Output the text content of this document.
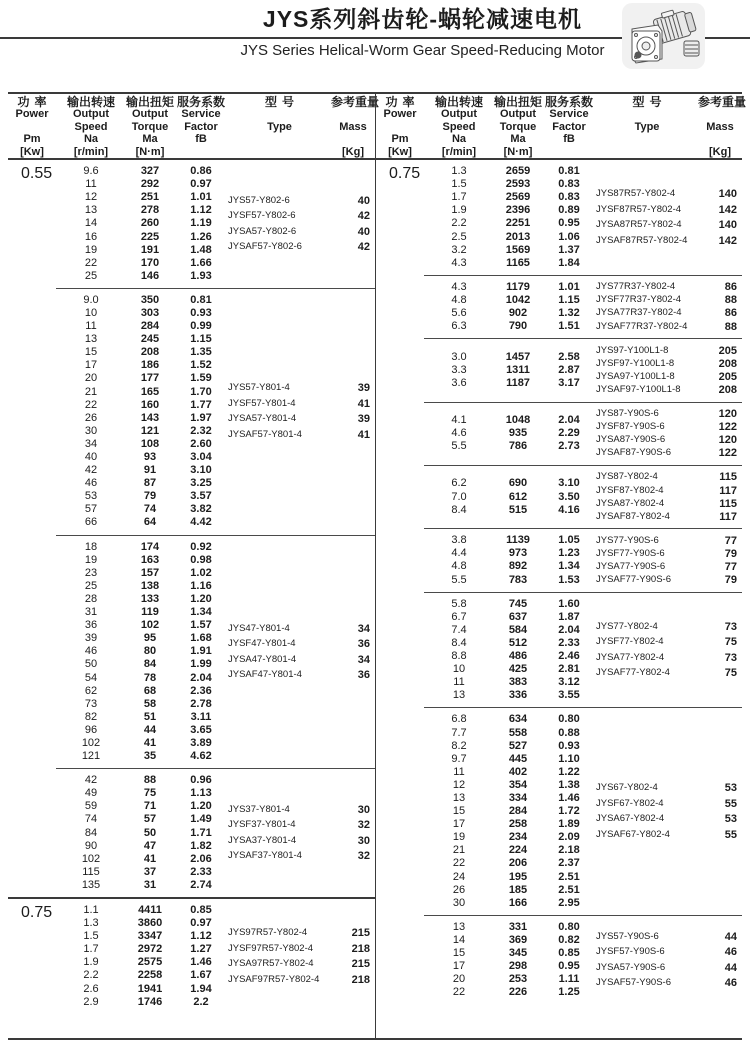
JYS系列斜齿轮-蜗轮减速电机
JYS Series Helical-Worm Gear Speed-Reducing Motor
功率	输出转速 输出扭矩 服务系数	型号	参考重量
Power	Output	Output	Service
Speed	Torque	Factor	Type	Mass
Pm	Na	Ma	fB
[Kw]	[r/min]	[N·m]	[Kg]
0.55	9.6	327	0.86
11	292	0.97
12	251	1.01
13	278	1.12
14	260	1.19
16	225	1.26
19	191	1.48
22	170	1.66
25	146	1.93
JYS57-Y802-6	40
JYSF57-Y802-6	42
JYSA57-Y802-6	40
JYSAF57-Y802-6	42
9.0	350	0.81
10	303	0.93
11	284	0.99
13	245	1.15
15	208	1.35
17	186	1.52
20	177	1.59
21	165	1.70
22	160	1.77
26	143	1.97
30	121	2.32
34	108	2.60
40	93	3.04
42	91	3.10
46	87	3.25
53	79	3.57
57	74	3.82
66	64	4.42
JYS57-Y801-4	39
JYSF57-Y801-4	41
JYSA57-Y801-4	39
JYSAF57-Y801-4	41
18	174	0.92
19	163	0.98
23	157	1.02
25	138	1.16
28	133	1.20
31	119	1.34
36	102	1.57
39	95	1.68
46	80	1.91
50	84	1.99
54	78	2.04
62	68	2.36
73	58	2.78
82	51	3.11
96	44	3.65
102	41	3.89
121	35	4.62
JYS47-Y801-4	34
JYSF47-Y801-4	36
JYSA47-Y801-4	34
JYSAF47-Y801-4	36
42	88	0.96
49	75	1.13
59	71	1.20
74	57	1.49
84	50	1.71
90	47	1.82
102	41	2.06
115	37	2.33
135	31	2.74
JYS37-Y801-4	30
JYSF37-Y801-4	32
JYSA37-Y801-4	30
JYSAF37-Y801-4	32
0.75	1.1	4411	0.85
1.3	3860	0.97
1.5	3347	1.12
1.7	2972	1.27
1.9	2575	1.46
2.2	2258	1.67
2.6	1941	1.94
2.9	1746	2.2
JYS97R57-Y802-4	215
JYSF97R57-Y802-4	218
JYSA97R57-Y802-4	215
JYSAF97R57-Y802-4	218
功率	输出转速 输出扭矩 服务系数	型号	参考重量
Power	Output	Output	Service
Speed	Torque	Factor	Type	Mass
Pm	Na	Ma	fB
[Kw]	[r/min]	[N·m]	[Kg]
0.75	1.3	2659	0.81
1.5	2593	0.83
1.7	2569	0.83
1.9	2396	0.89
2.2	2251	0.95
2.5	2013	1.06
3.2	1569	1.37
4.3	1165	1.84
JYS87R57-Y802-4	140
JYSF87R57-Y802-4	142
JYSA87R57-Y802-4	140
JYSAF87R57-Y802-4	142
4.3	1179	1.01
4.8	1042	1.15
5.6	902	1.32
6.3	790	1.51
JYS77R37-Y802-4	86
JYSF77R37-Y802-4	88
JYSA77R37-Y802-4	86
JYSAF77R37-Y802-4	88
3.0	1457	2.58
3.3	1311	2.87
3.6	1187	3.17
JYS97-Y100L1-8	205
JYSF97-Y100L1-8	208
JYSA97-Y100L1-8	205
JYSAF97-Y100L1-8	208
4.1	1048	2.04
4.6	935	2.29
5.5	786	2.73
JYS87-Y90S-6	120
JYSF87-Y90S-6	122
JYSA87-Y90S-6	120
JYSAF87-Y90S-6	122
6.2	690	3.10
7.0	612	3.50
8.4	515	4.16
JYS87-Y802-4	115
JYSF87-Y802-4	117
JYSA87-Y802-4	115
JYSAF87-Y802-4	117
3.8	1139	1.05
4.4	973	1.23
4.8	892	1.34
5.5	783	1.53
JYS77-Y90S-6	77
JYSF77-Y90S-6	79
JYSA77-Y90S-6	77
JYSAF77-Y90S-6	79
5.8	745	1.60
6.7	637	1.87
7.4	584	2.04
8.4	512	2.33
8.8	486	2.46
10	425	2.81
11	383	3.12
13	336	3.55
JYS77-Y802-4	73
JYSF77-Y802-4	75
JYSA77-Y802-4	73
JYSAF77-Y802-4	75
6.8	634	0.80
7.7	558	0.88
8.2	527	0.93
9.7	445	1.10
11	402	1.22
12	354	1.38
13	334	1.46
15	284	1.72
17	258	1.89
19	234	2.09
21	224	2.18
22	206	2.37
24	195	2.51
26	185	2.51
30	166	2.95
JYS67-Y802-4	53
JYSF67-Y802-4	55
JYSA67-Y802-4	53
JYSAF67-Y802-4	55
13	331	0.80
14	369	0.82
15	345	0.85
17	298	0.95
20	253	1.11
22	226	1.25
JYS57-Y90S-6	44
JYSF57-Y90S-6	46
JYSA57-Y90S-6	44
JYSAF57-Y90S-6	46
